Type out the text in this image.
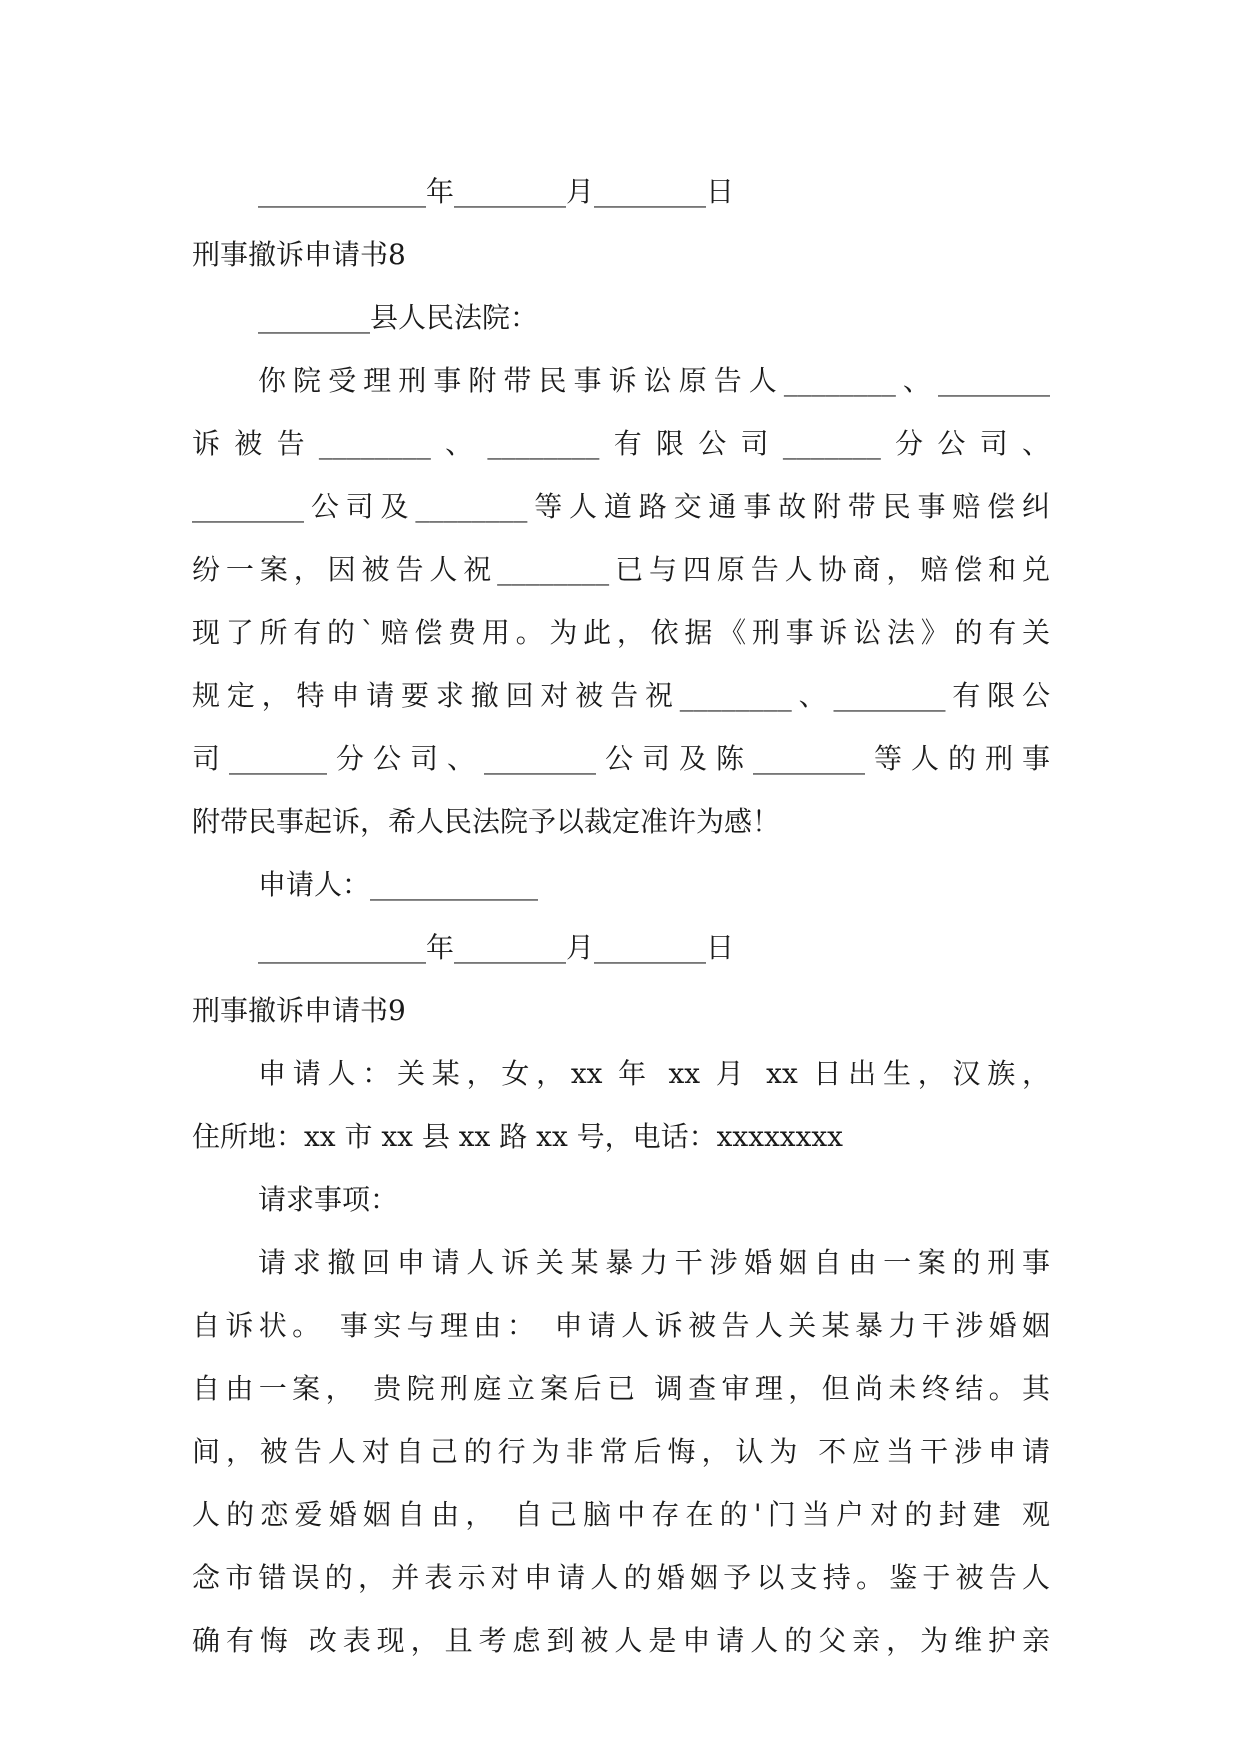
____________年________月________日
刑事撤诉申请书8
________县人民法院：
你院受理刑事附带民事诉讼原告人________、________
诉被告________、________有限公司_______分公司、
________公司及________等人道路交通事故附带民事赔偿纠
纷一案，因被告人祝________已与四原告人协商，赔偿和兑
现了所有的`赔偿费用。为此，依据《刑事诉讼法》的有关
规定，特申请要求撤回对被告祝________、________有限公
司_______分公司、________公司及陈________等人的刑事
附带民事起诉，希人民法院予以裁定准许为感！
申请人：____________
____________年________月________日
刑事撤诉申请书9
申请人：关某，女，xx 年 xx 月 xx 日出生，汉族，
住所地：xx 市 xx 县 xx 路 xx 号，电话：xxxxxxxx
请求事项：
请求撤回申请人诉关某暴力干涉婚姻自由一案的刑事
自诉状。 事实与理由： 申请人诉被告人关某暴力干涉婚姻
自由一案， 贵院刑庭立案后已 调查审理，但尚未终结。其
间，被告人对自己的行为非常后悔，认为 不应当干涉申请
人的恋爱婚姻自由， 自己脑中存在的'门当户对的封建 观
念市错误的，并表示对申请人的婚姻予以支持。鉴于被告人
确有悔 改表现，且考虑到被人是申请人的父亲，为维护亲
